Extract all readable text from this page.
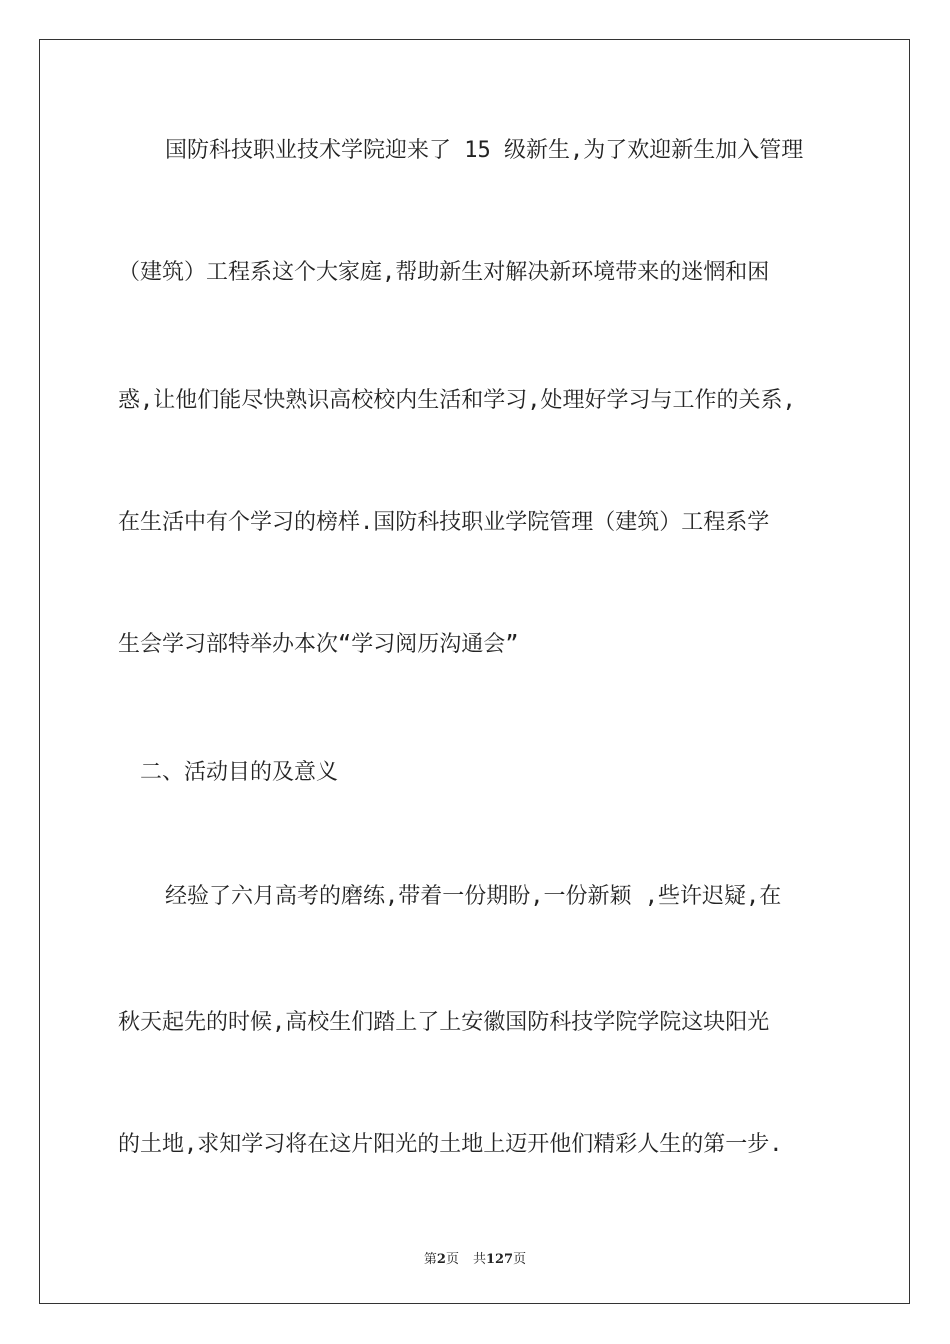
国防科技职业技术学院迎来了 15 级新生,为了欢迎新生加入管理
（建筑）工程系这个大家庭,帮助新生对解决新环境带来的迷惘和困
惑,让他们能尽快熟识高校校内生活和学习,处理好学习与工作的关系,
在生活中有个学习的榜样.国防科技职业学院管理（建筑）工程系学
生会学习部特举办本次“学习阅历沟通会”
二、活动目的及意义
经验了六月高考的磨练,带着一份期盼,一份新颖 ,些许迟疑,在
秋天起先的时候,高校生们踏上了上安徽国防科技学院学院这块阳光
的土地,求知学习将在这片阳光的土地上迈开他们精彩人生的第一步.
第2页 共127页
